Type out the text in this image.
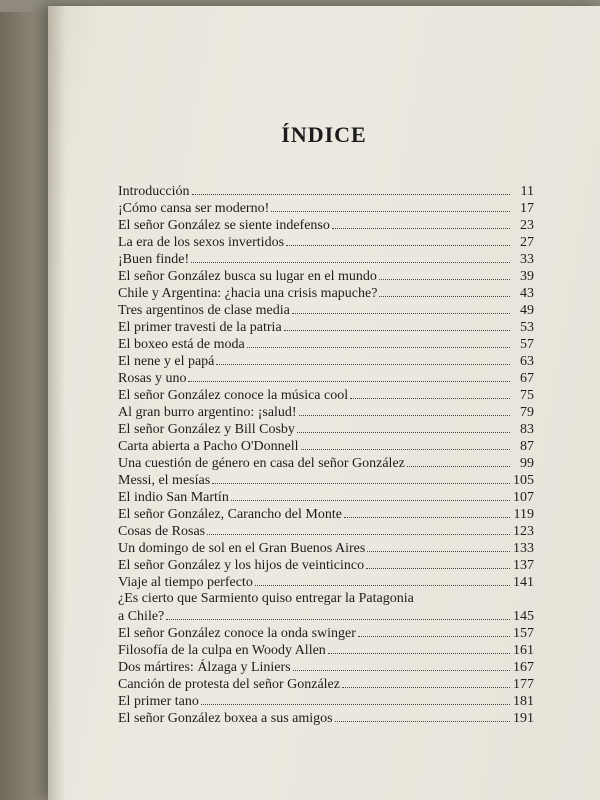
ÍNDICE
Introducción	11
¡Cómo cansa ser moderno!	17
El señor González se siente indefenso	23
La era de los sexos invertidos	27
¡Buen finde!	33
El señor González busca su lugar en el mundo	39
Chile y Argentina: ¿hacia una crisis mapuche?	43
Tres argentinos de clase media	49
El primer travesti de la patria	53
El boxeo está de moda	57
El nene y el papá	63
Rosas y uno	67
El señor González conoce la música cool	75
Al gran burro argentino: ¡salud!	79
El señor González y Bill Cosby	83
Carta abierta a Pacho O'Donnell	87
Una cuestión de género en casa del señor González	99
Messi, el mesías	105
El indio San Martín	107
El señor González, Carancho del Monte	119
Cosas de Rosas	123
Un domingo de sol en el Gran Buenos Aires	133
El señor González y los hijos de veinticinco	137
Viaje al tiempo perfecto	141
¿Es cierto que Sarmiento quiso entregar la Patagonia
a Chile?	145
El señor González conoce la onda swinger	157
Filosofía de la culpa en Woody Allen	161
Dos mártires: Álzaga y Liniers	167
Canción de protesta del señor González	177
El primer tano	181
El señor González boxea a sus amigos	191
